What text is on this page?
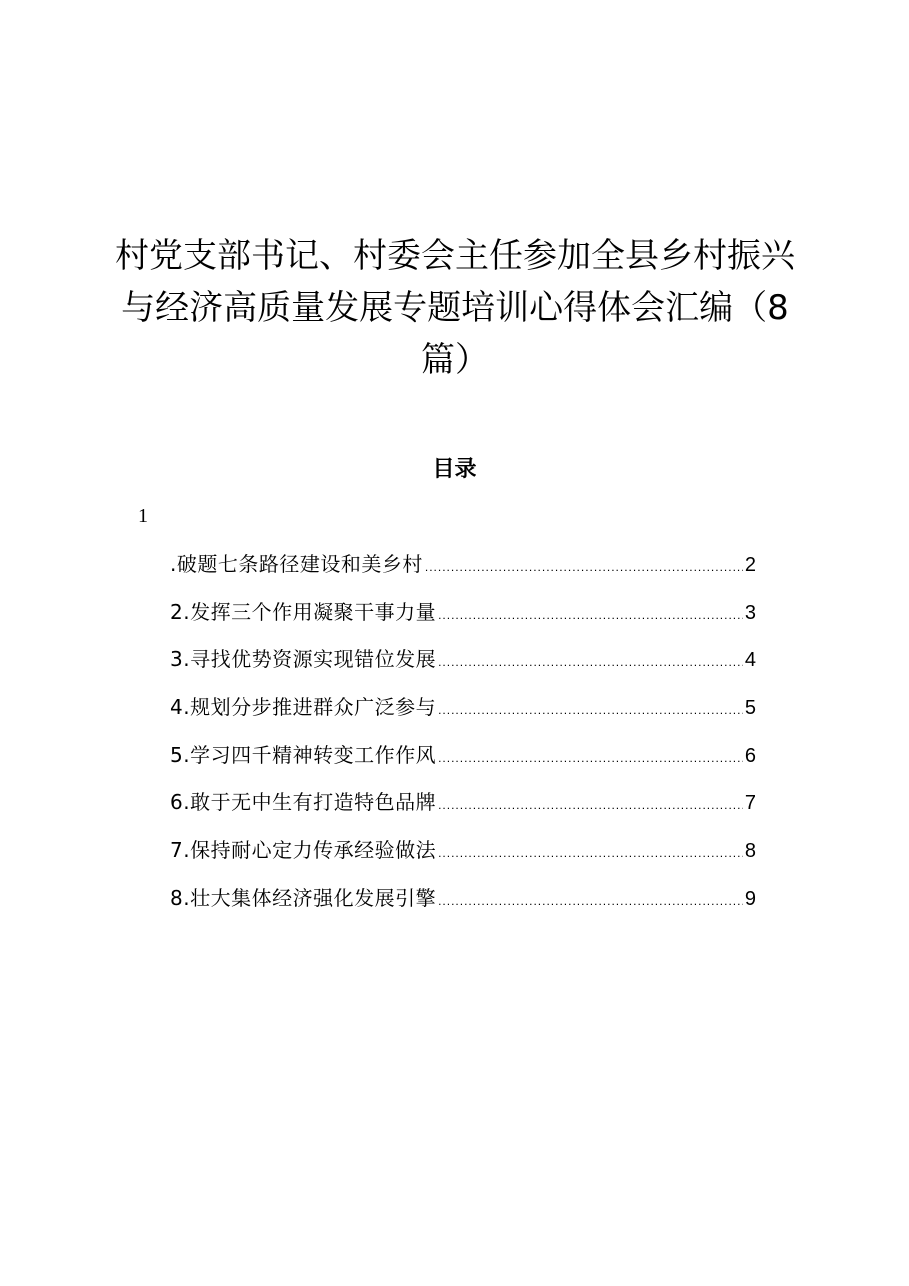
村党支部书记、村委会主任参加全县乡村振兴与经济高质量发展专题培训心得体会汇编（8篇）
目录
1
.破题七条路径建设和美乡村 .....	2
2.发挥三个作用凝聚干事力量 .....	3
3.寻找优势资源实现错位发展 .....	4
4.规划分步推进群众广泛参与 .....	5
5.学习四千精神转变工作作风 .....	6
6.敢于无中生有打造特色品牌 .....	7
7.保持耐心定力传承经验做法 .....	8
8.壮大集体经济强化发展引擎 .....	9
